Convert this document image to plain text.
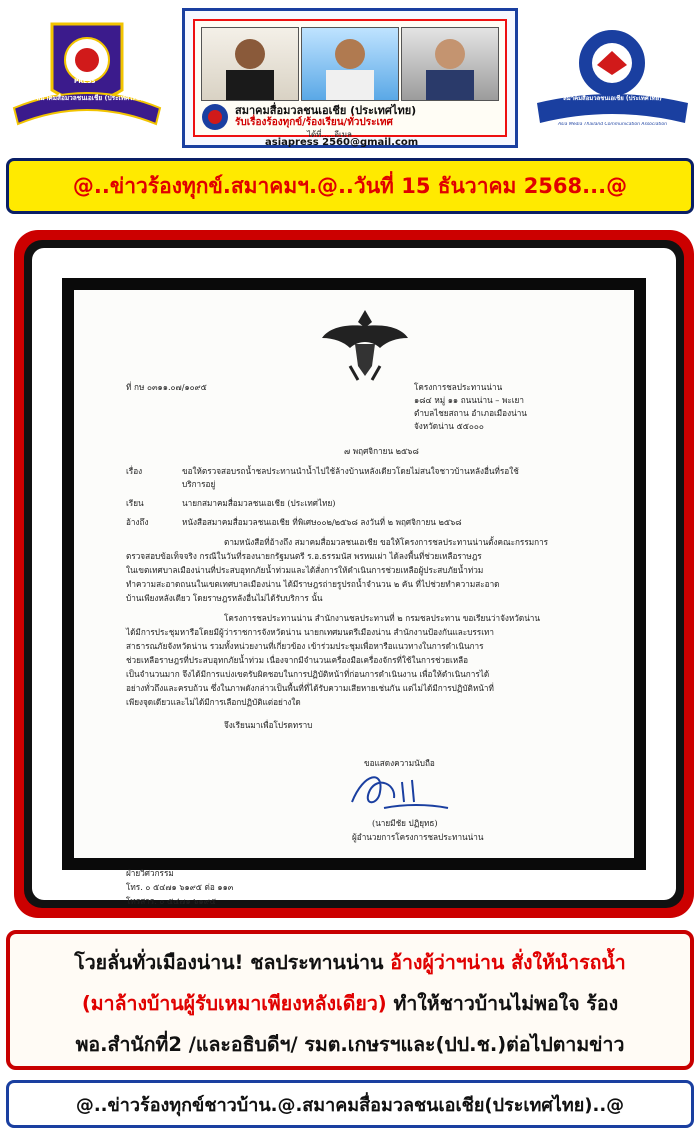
สมาคมสื่อมวลชนเอเชีย (ประเทศไทย)
PRESS
สมาคมสื่อมวลชนเอเชีย (ประเทศไทย)
รับเรื่องร้องทุกข์/ร้องเรียน/ทั่วประเทศ
ได้ที่.....อีเมล
asiapress 2560@gmail.com
สมาคมสื่อมวลชนเอเชีย (ประเทศไทย)
Asia Media Thailand Communication Association
@..ข่าวร้องทุกข์.สมาคมฯ.@..วันที่ 15 ธันวาคม 2568...@
ที่ กษ ๐๓๑๑.๐๗/๑๐๙๕	โครงการชลประทานน่าน
๑๘๔ หมู่ ๑๑ ถนนน่าน – พะเยา
ตำบลไชยสถาน อำเภอเมืองน่าน
จังหวัดน่าน ๕๕๐๐๐
๗ พฤศจิกายน ๒๕๖๘
เรื่อง	ขอให้ตรวจสอบรถน้ำชลประทานนำน้ำไปใช้ล้างบ้านหลังเดียวโดยไม่สนใจชาวบ้านหลังอื่นที่รอใช้
บริการอยู่
เรียน	นายกสมาคมสื่อมวลชนเอเชีย (ประเทศไทย)
อ้างถึง	หนังสือสมาคมสื่อมวลชนเอเชีย ที่พิเศษ๐๐๒/๒๕๖๘ ลงวันที่ ๒ พฤศจิกายน ๒๕๖๘
ตามหนังสือที่อ้างถึง สมาคมสื่อมวลชนเอเชีย ขอให้โครงการชลประทานน่านตั้งคณะกรรมการ
ตรวจสอบข้อเท็จจริง กรณีในวันที่รองนายกรัฐมนตรี ร.อ.ธรรมนัส พรหมเผ่า ได้ลงพื้นที่ช่วยเหลือราษฎร
ในเขตเทศบาลเมืองน่านที่ประสบอุทกภัยน้ำท่วมและได้สั่งการให้ดำเนินการช่วยเหลือผู้ประสบภัยน้ำท่วม
ทำความสะอาดถนนในเขตเทศบาลเมืองน่าน ได้มีราษฎรถ่ายรูปรถน้ำจำนวน ๒ คัน ที่ไปช่วยทำความสะอาด
บ้านเพียงหลังเดียว โดยราษฎรหลังอื่นไม่ได้รับบริการ นั้น
โครงการชลประทานน่าน สำนักงานชลประทานที่ ๒ กรมชลประทาน ขอเรียนว่าจังหวัดน่าน
ได้มีการประชุมหารือโดยมีผู้ว่าราชการจังหวัดน่าน นายกเทศมนตรีเมืองน่าน สำนักงานป้องกันและบรรเทา
สาธารณภัยจังหวัดน่าน รวมทั้งหน่วยงานที่เกี่ยวข้อง เข้าร่วมประชุมเพื่อหารือแนวทางในการดำเนินการ
ช่วยเหลือราษฎรที่ประสบอุทกภัยน้ำท่วม เนื่องจากมีจำนวนเครื่องมือเครื่องจักรที่ใช้ในการช่วยเหลือ
เป็นจำนวนมาก จึงได้มีการแบ่งเขตรับผิดชอบในการปฏิบัติหน้าที่ก่อนการดำเนินงาน เพื่อให้ดำเนินการได้
อย่างทั่วถึงและครบถ้วน ซึ่งในภาพดังกล่าวเป็นพื้นที่ที่ได้รับความเสียหายเช่นกัน แต่ไม่ได้มีการปฏิบัติหน้าที่
เพียงจุดเดียวและไม่ได้มีการเลือกปฏิบัติแต่อย่างใด
จึงเรียนมาเพื่อโปรดทราบ
ขอแสดงความนับถือ
(นายมีชัย ปฏิยุทธ)
ผู้อำนวยการโครงการชลประทานน่าน
ฝ่ายวิศวกรรม
โทร. ๐ ๕๔๗๑ ๖๑๙๕ ต่อ ๑๑๓
โทรสาร. ๐ ๕๔๗๑ ๖๑๙๕
โวยลั่นทั่วเมืองน่าน! ชลประทานน่าน อ้างผู้ว่าฯน่าน สั่งให้นำรถน้ำ
(มาล้างบ้านผู้รับเหมาเพียงหลังเดียว) ทำให้ชาวบ้านไม่พอใจ ร้อง
พอ.สำนักที่2 /และอธิบดีฯ/ รมต.เกษรฯและ(ปป.ช.)ต่อไปตามข่าว
@..ข่าวร้องทุกข์ชาวบ้าน.@.สมาคมสื่อมวลชนเอเชีย(ประเทศไทย)..@
